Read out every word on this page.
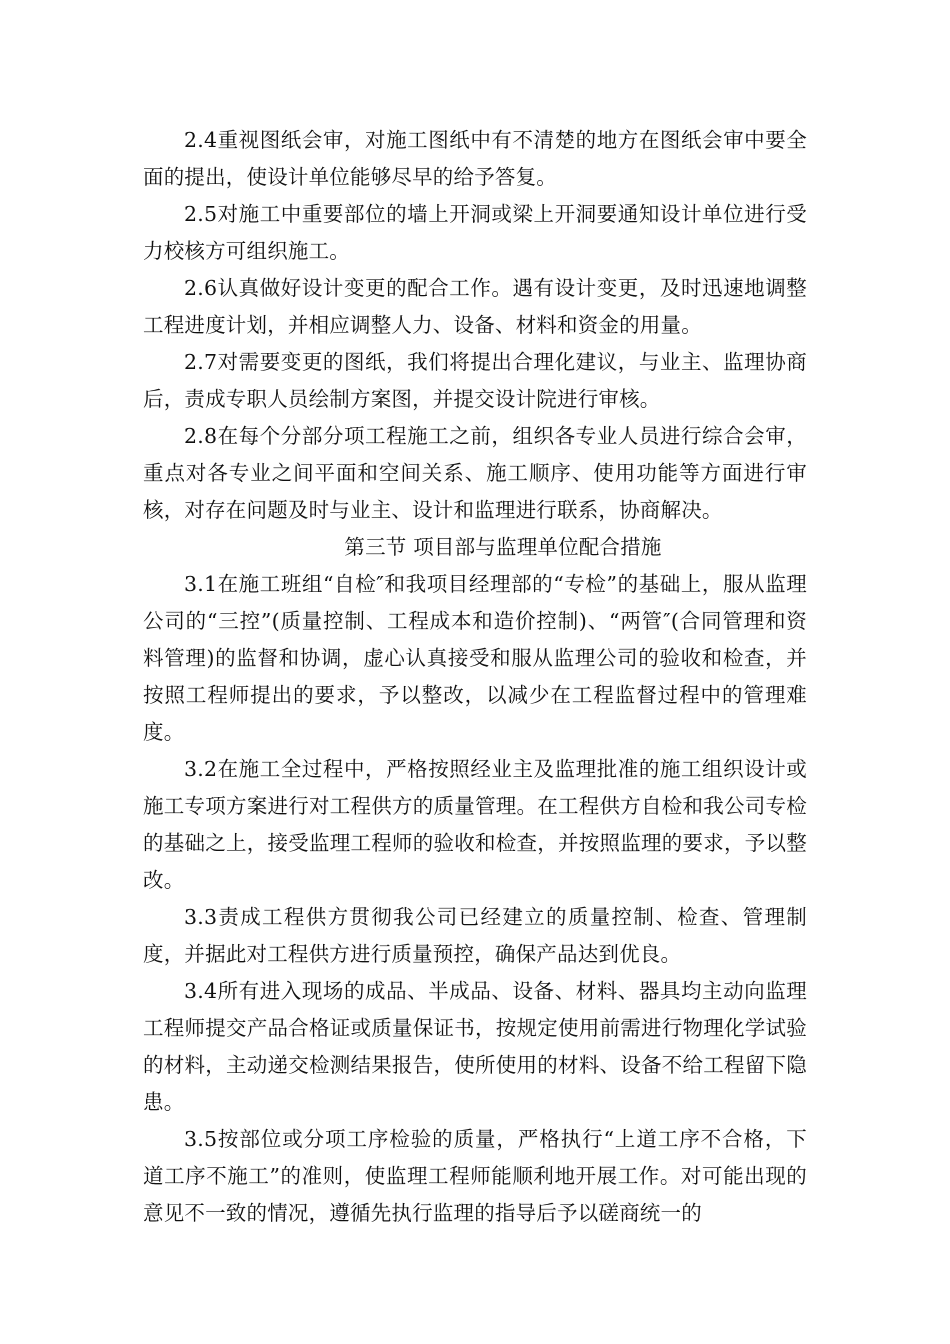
2.4重视图纸会审，对施工图纸中有不清楚的地方在图纸会审中要全面的提出，使设计单位能够尽早的给予答复。

2.5对施工中重要部位的墙上开洞或梁上开洞要通知设计单位进行受力校核方可组织施工。

2.6认真做好设计变更的配合工作。遇有设计变更，及时迅速地调整工程进度计划，并相应调整人力、设备、材料和资金的用量。

2.7对需要变更的图纸，我们将提出合理化建议，与业主、监理协商后，责成专职人员绘制方案图，并提交设计院进行审核。

2.8在每个分部分项工程施工之前，组织各专业人员进行综合会审，重点对各专业之间平面和空间关系、施工顺序、使用功能等方面进行审核，对存在问题及时与业主、设计和监理进行联系，协商解决。

第三节 项目部与监理单位配合措施

3.1在施工班组“自检″和我项目经理部的“专检”的基础上，服从监理公司的“三控”(质量控制、工程成本和造价控制)、“两管″(合同管理和资料管理)的监督和协调，虚心认真接受和服从监理公司的验收和检查，并按照工程师提出的要求，予以整改，以减少在工程监督过程中的管理难度。

3.2在施工全过程中，严格按照经业主及监理批准的施工组织设计或施工专项方案进行对工程供方的质量管理。在工程供方自检和我公司专检的基础之上，接受监理工程师的验收和检查，并按照监理的要求，予以整改。

3.3责成工程供方贯彻我公司已经建立的质量控制、检查、管理制度，并据此对工程供方进行质量预控，确保产品达到优良。

3.4所有进入现场的成品、半成品、设备、材料、器具均主动向监理工程师提交产品合格证或质量保证书，按规定使用前需进行物理化学试验的材料，主动递交检测结果报告，使所使用的材料、设备不给工程留下隐患。

3.5按部位或分项工序检验的质量，严格执行“上道工序不合格，下道工序不施工”的准则，使监理工程师能顺利地开展工作。对可能出现的意见不一致的情况，遵循先执行监理的指导后予以磋商统一的
